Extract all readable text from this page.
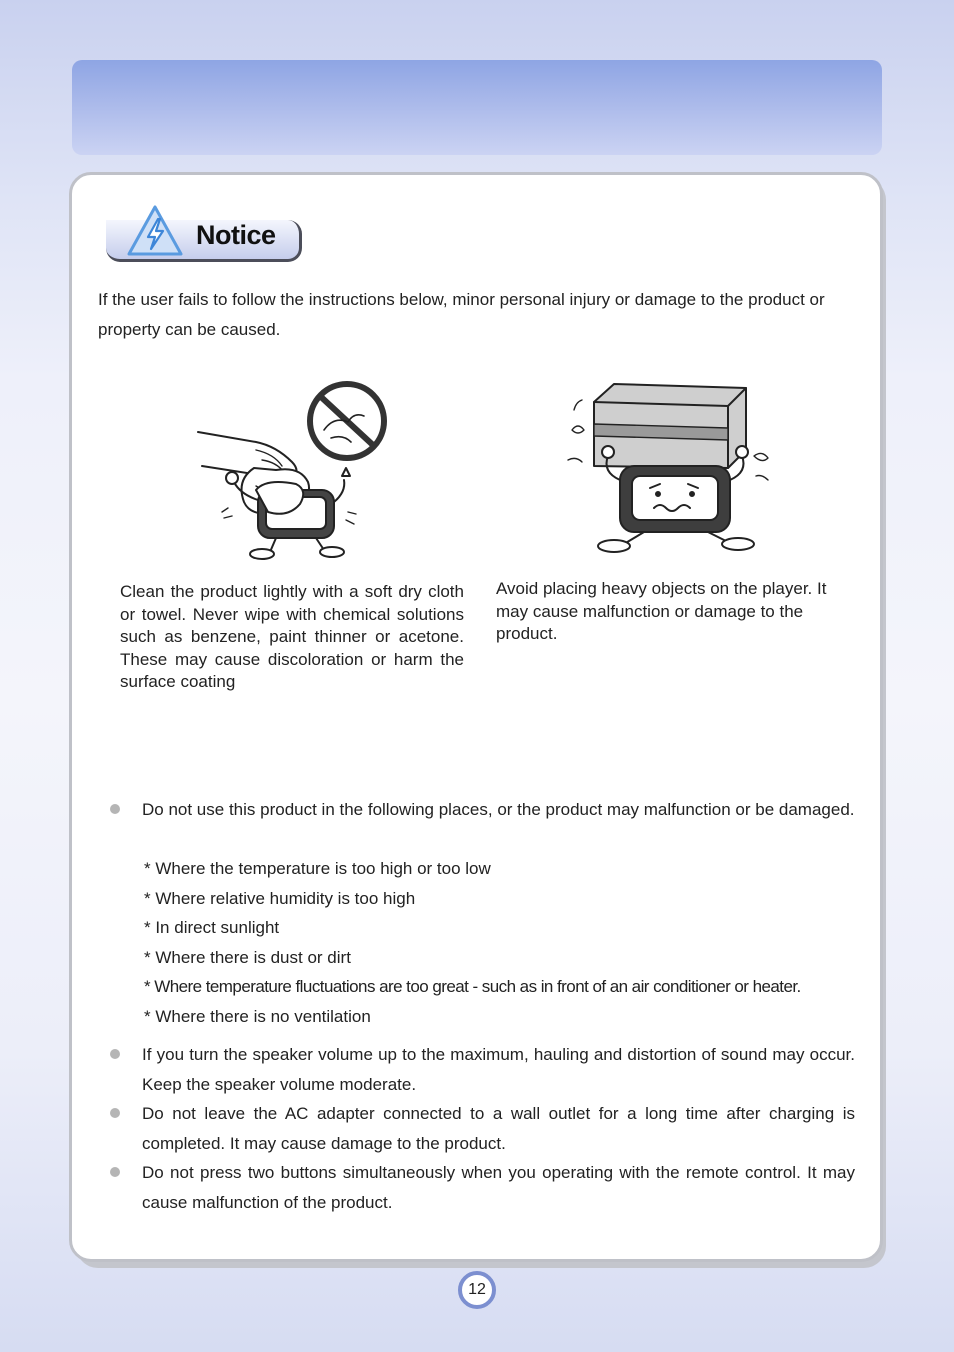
Notice
If the user fails to follow the instructions below, minor personal injury or damage to the product or property can be caused.
Clean the product lightly with a soft dry cloth or towel. Never wipe with chemical solutions such as benzene, paint thinner or acetone. These may cause discoloration or harm the surface coating
Avoid placing heavy objects on the player. It may cause malfunction or damage to the product.
Do not use this product in the following places, or the product may malfunction or be damaged.
* Where the temperature is too high or too low
* Where relative humidity is too high
* In direct sunlight
* Where there is dust or dirt
* Where temperature fluctuations are too great - such as in front of an air conditioner or heater.
* Where there is no ventilation
If you turn the speaker volume up to the maximum, hauling and distortion of sound may occur. Keep the speaker volume moderate.
Do not leave the AC adapter connected to a wall outlet for a long time after charging is completed. It may cause damage to the product.
Do not press two buttons simultaneously when you operating with the remote control. It may cause malfunction of the product.
12
